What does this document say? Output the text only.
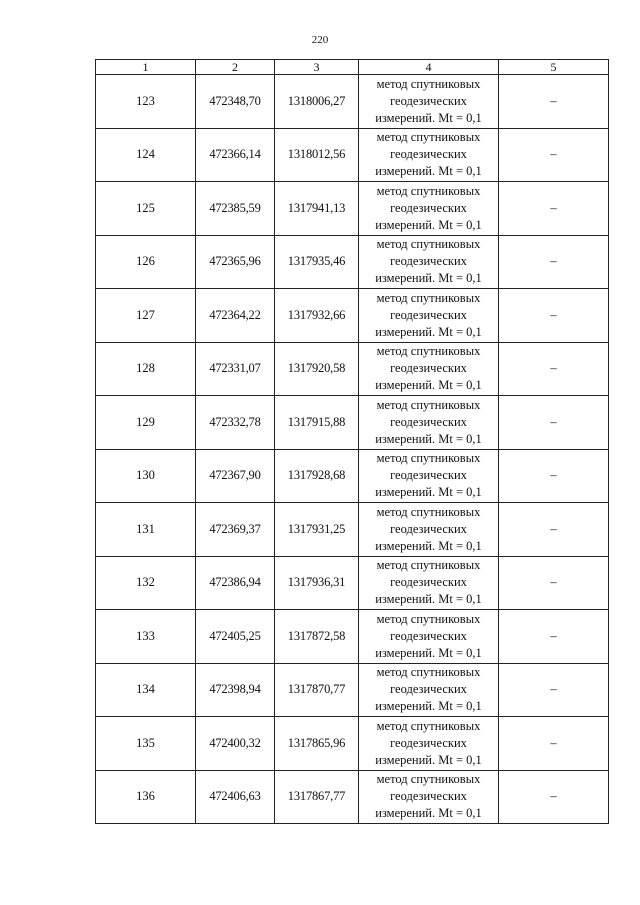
220
1	2	3	4	5
123	472348,70	1318006,27	метод спутниковых
геодезических
измерений. Mt = 0,1	–
124	472366,14	1318012,56	метод спутниковых
геодезических
измерений. Mt = 0,1	–
125	472385,59	1317941,13	метод спутниковых
геодезических
измерений. Mt = 0,1	–
126	472365,96	1317935,46	метод спутниковых
геодезических
измерений. Mt = 0,1	–
127	472364,22	1317932,66	метод спутниковых
геодезических
измерений. Mt = 0,1	–
128	472331,07	1317920,58	метод спутниковых
геодезических
измерений. Mt = 0,1	–
129	472332,78	1317915,88	метод спутниковых
геодезических
измерений. Mt = 0,1	–
130	472367,90	1317928,68	метод спутниковых
геодезических
измерений. Mt = 0,1	–
131	472369,37	1317931,25	метод спутниковых
геодезических
измерений. Mt = 0,1	–
132	472386,94	1317936,31	метод спутниковых
геодезических
измерений. Mt = 0,1	–
133	472405,25	1317872,58	метод спутниковых
геодезических
измерений. Mt = 0,1	–
134	472398,94	1317870,77	метод спутниковых
геодезических
измерений. Mt = 0,1	–
135	472400,32	1317865,96	метод спутниковых
геодезических
измерений. Mt = 0,1	–
136	472406,63	1317867,77	метод спутниковых
геодезических
измерений. Mt = 0,1	–
